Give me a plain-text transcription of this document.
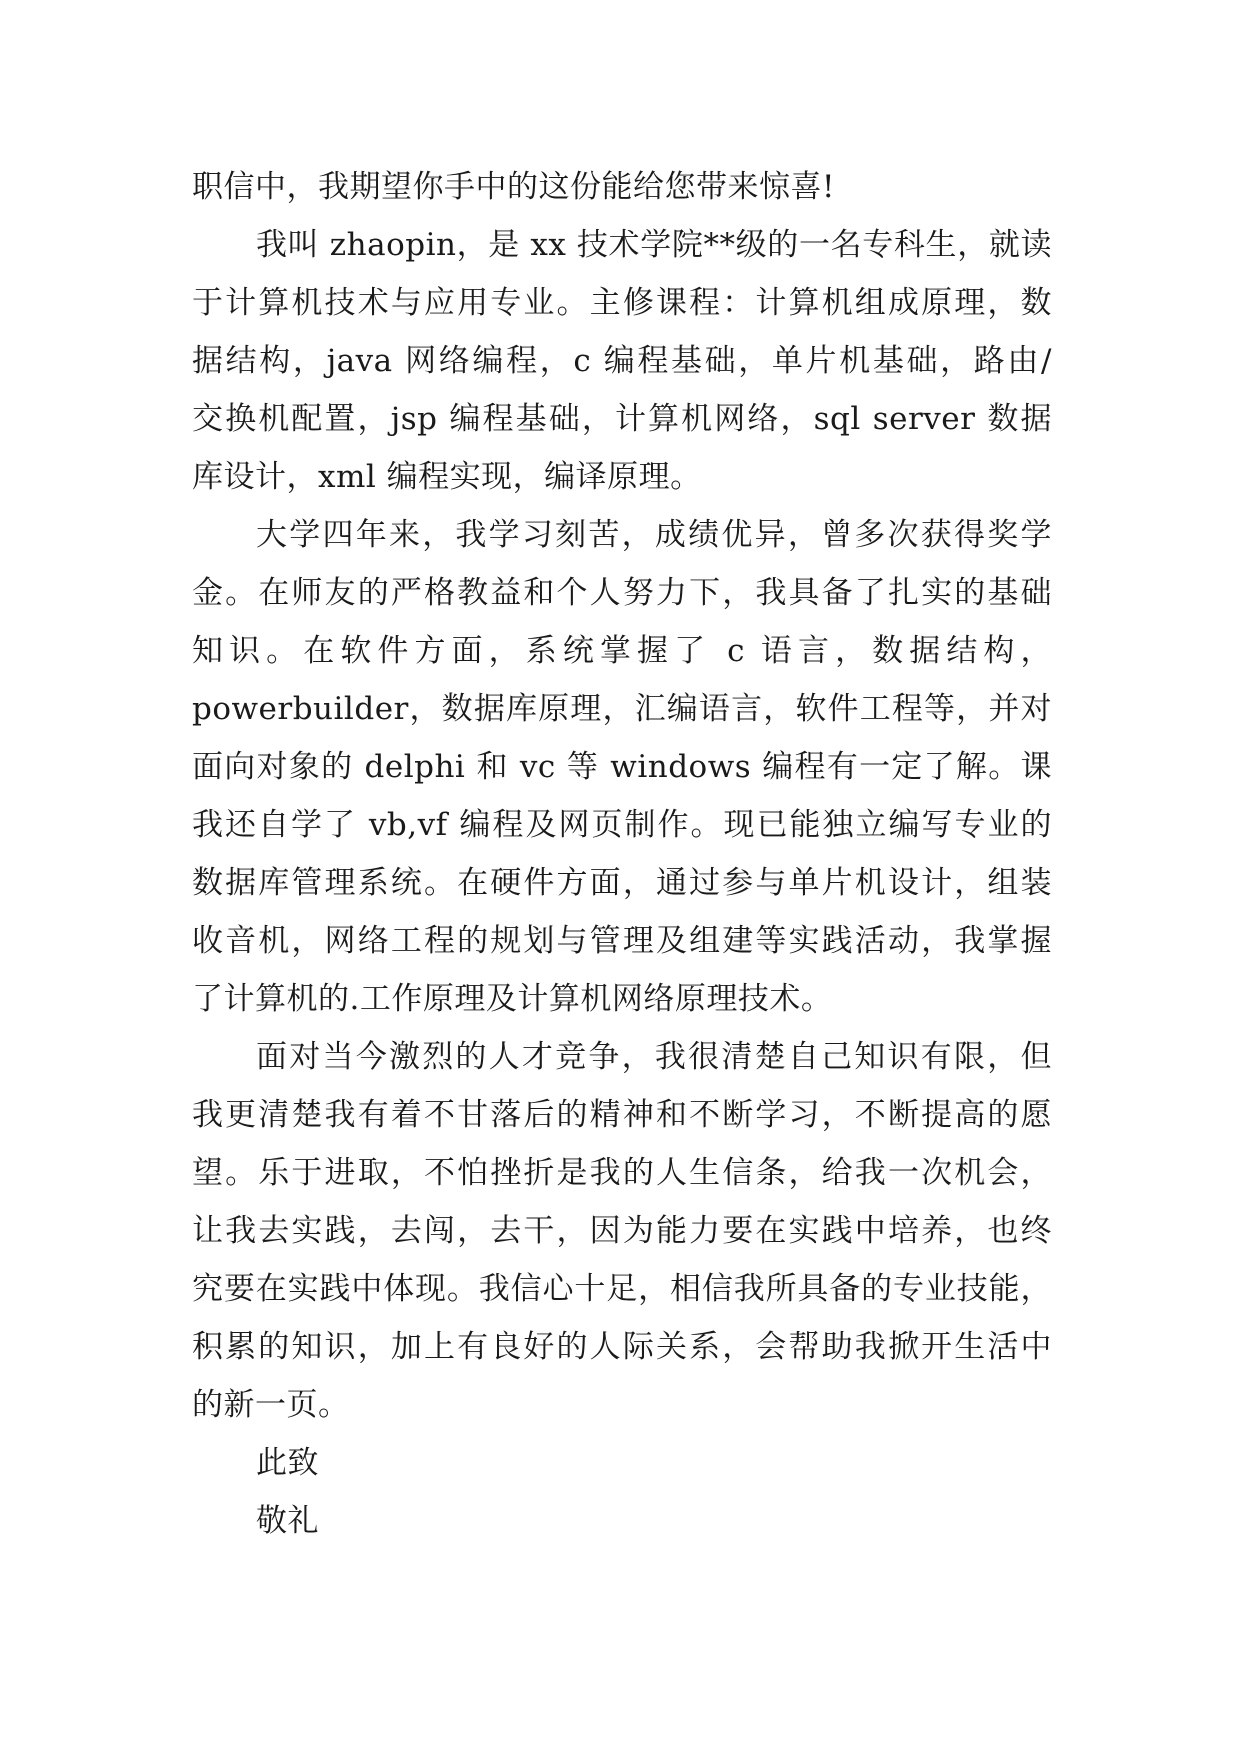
职信中，我期望你手中的这份能给您带来惊喜!
我叫 zhaopin，是 xx 技术学院**级的一名专科生，就读
于计算机技术与应用专业。主修课程：计算机组成原理，数
据结构，java 网络编程，c 编程基础，单片机基础，路由/
交换机配置，jsp 编程基础，计算机网络，sql server 数据
库设计，xml 编程实现，编译原理。
大学四年来，我学习刻苦，成绩优异，曾多次获得奖学
金。在师友的严格教益和个人努力下，我具备了扎实的基础
知识。在软件方面，系统掌握了 c 语言，数据结构，
powerbuilder，数据库原理，汇编语言，软件工程等，并对
面向对象的 delphi 和 vc 等 windows 编程有一定了解。课
我还自学了 vb,vf 编程及网页制作。现已能独立编写专业的
数据库管理系统。在硬件方面，通过参与单片机设计，组装
收音机，网络工程的规划与管理及组建等实践活动，我掌握
了计算机的.工作原理及计算机网络原理技术。
面对当今激烈的人才竞争，我很清楚自己知识有限，但
我更清楚我有着不甘落后的精神和不断学习，不断提高的愿
望。乐于进取，不怕挫折是我的人生信条，给我一次机会，
让我去实践，去闯，去干，因为能力要在实践中培养，也终
究要在实践中体现。我信心十足，相信我所具备的专业技能，
积累的知识，加上有良好的人际关系，会帮助我掀开生活中
的新一页。
此致
敬礼
